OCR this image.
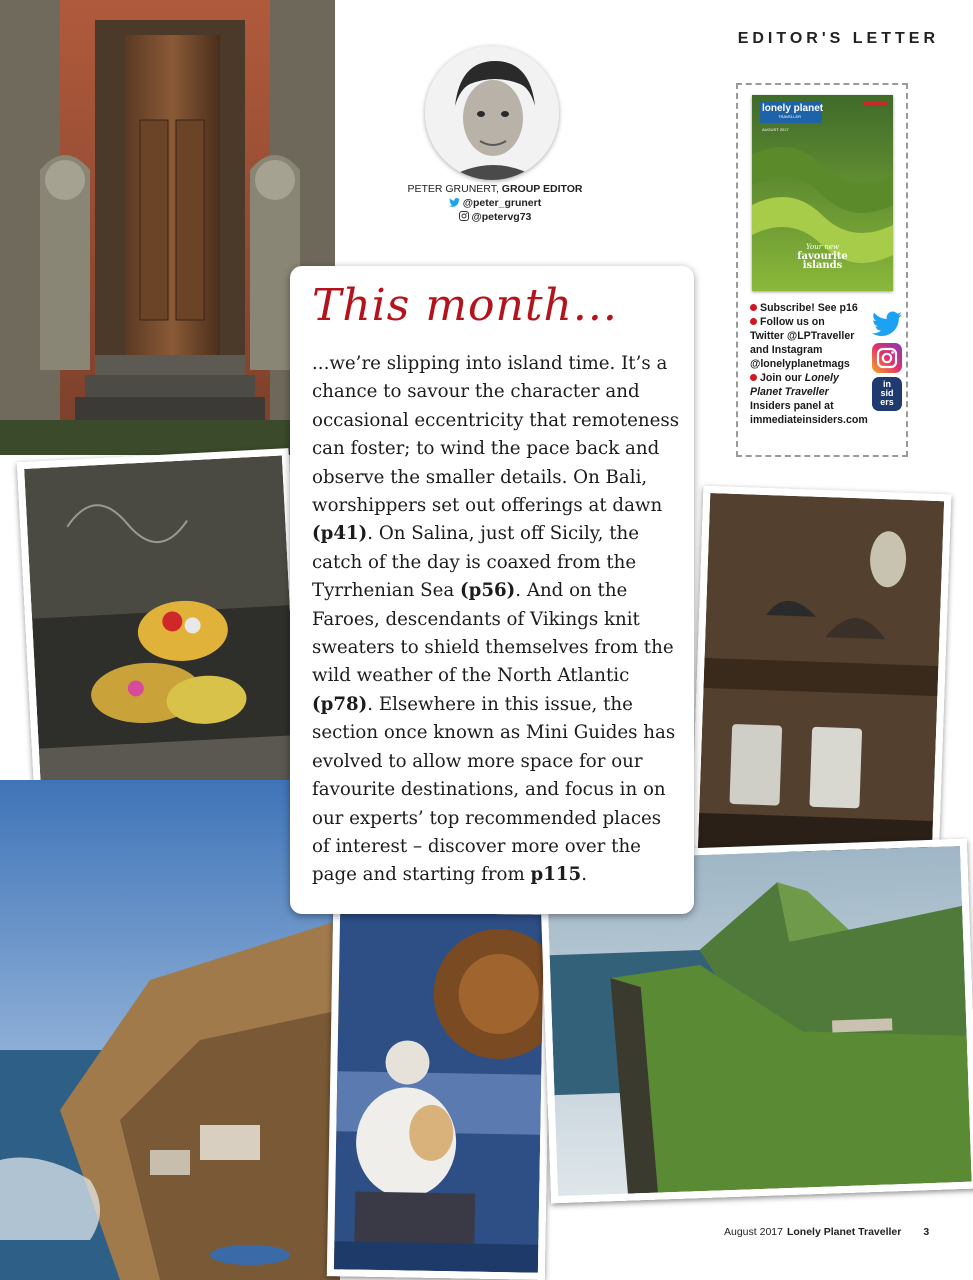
EDITOR'S LETTER
PETER GRUNERT, GROUP EDITOR
@peter_grunert
@petervg73
This month...

...we’re slipping into island time. It’s a chance to savour the character and occasional eccentricity that remoteness can foster; to wind the pace back and observe the smaller details. On Bali, worshippers set out offerings at dawn (p41). On Salina, just off Sicily, the catch of the day is coaxed from the Tyrrhenian Sea (p56). And on the Faroes, descendants of Vikings knit sweaters to shield themselves from the wild weather of the North Atlantic (p78). Elsewhere in this issue, the section once known as Mini Guides has evolved to allow more space for our favourite destinations, and focus in on our experts’ top recommended places of interest – discover more over the page and starting from p115.

lonely planet
TRAVELLER
AUGUST 2017
Your new
favourite
islands

Subscribe! See p16

Follow us on Twitter @LPTraveller and Instagram @lonelyplanetmags

Join our Lonely Planet Traveller Insiders panel at immediateinsiders.com

in
sid
ers
August 2017 Lonely Planet Traveller 3
